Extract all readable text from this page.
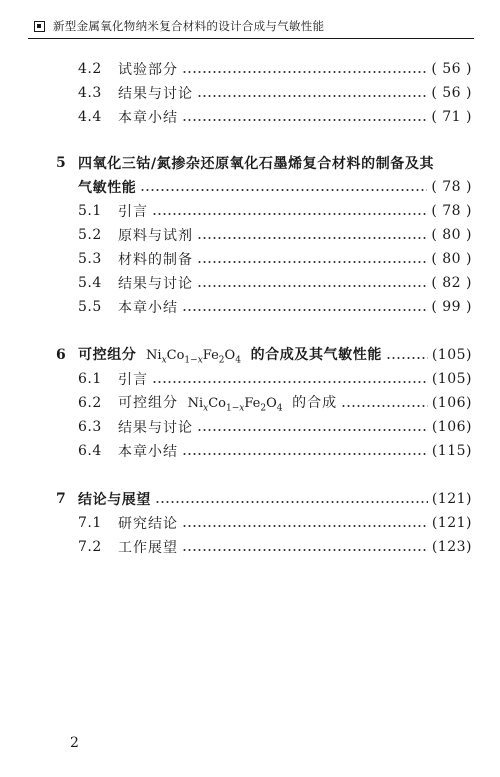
新型金属氧化物纳米复合材料的设计合成与气敏性能
4.2	试验部分	( 56 )
4.3	结果与讨论	( 56 )
4.4	本章小结	( 71 )
5 四氧化三钴/氮掺杂还原氧化石墨烯复合材料的制备及其
气敏性能	( 78 )
5.1	引言	( 78 )
5.2	原料与试剂	( 80 )
5.3	材料的制备	( 80 )
5.4	结果与讨论	( 82 )
5.5	本章小结	( 99 )
6 可控组分  $Ni_xCo_{1-x}Fe_2O_4$ 的合成及其气敏性能	(105)
6.1	引言	(105)
6.2	可控组分  $Ni_xCo_{1-x}Fe_2O_4$ 的合成	(106)
6.3	结果与讨论	(106)
6.4	本章小结	(115)
7 结论与展望	(121)
7.1	研究结论	(121)
7.2	工作展望	(123)
2
